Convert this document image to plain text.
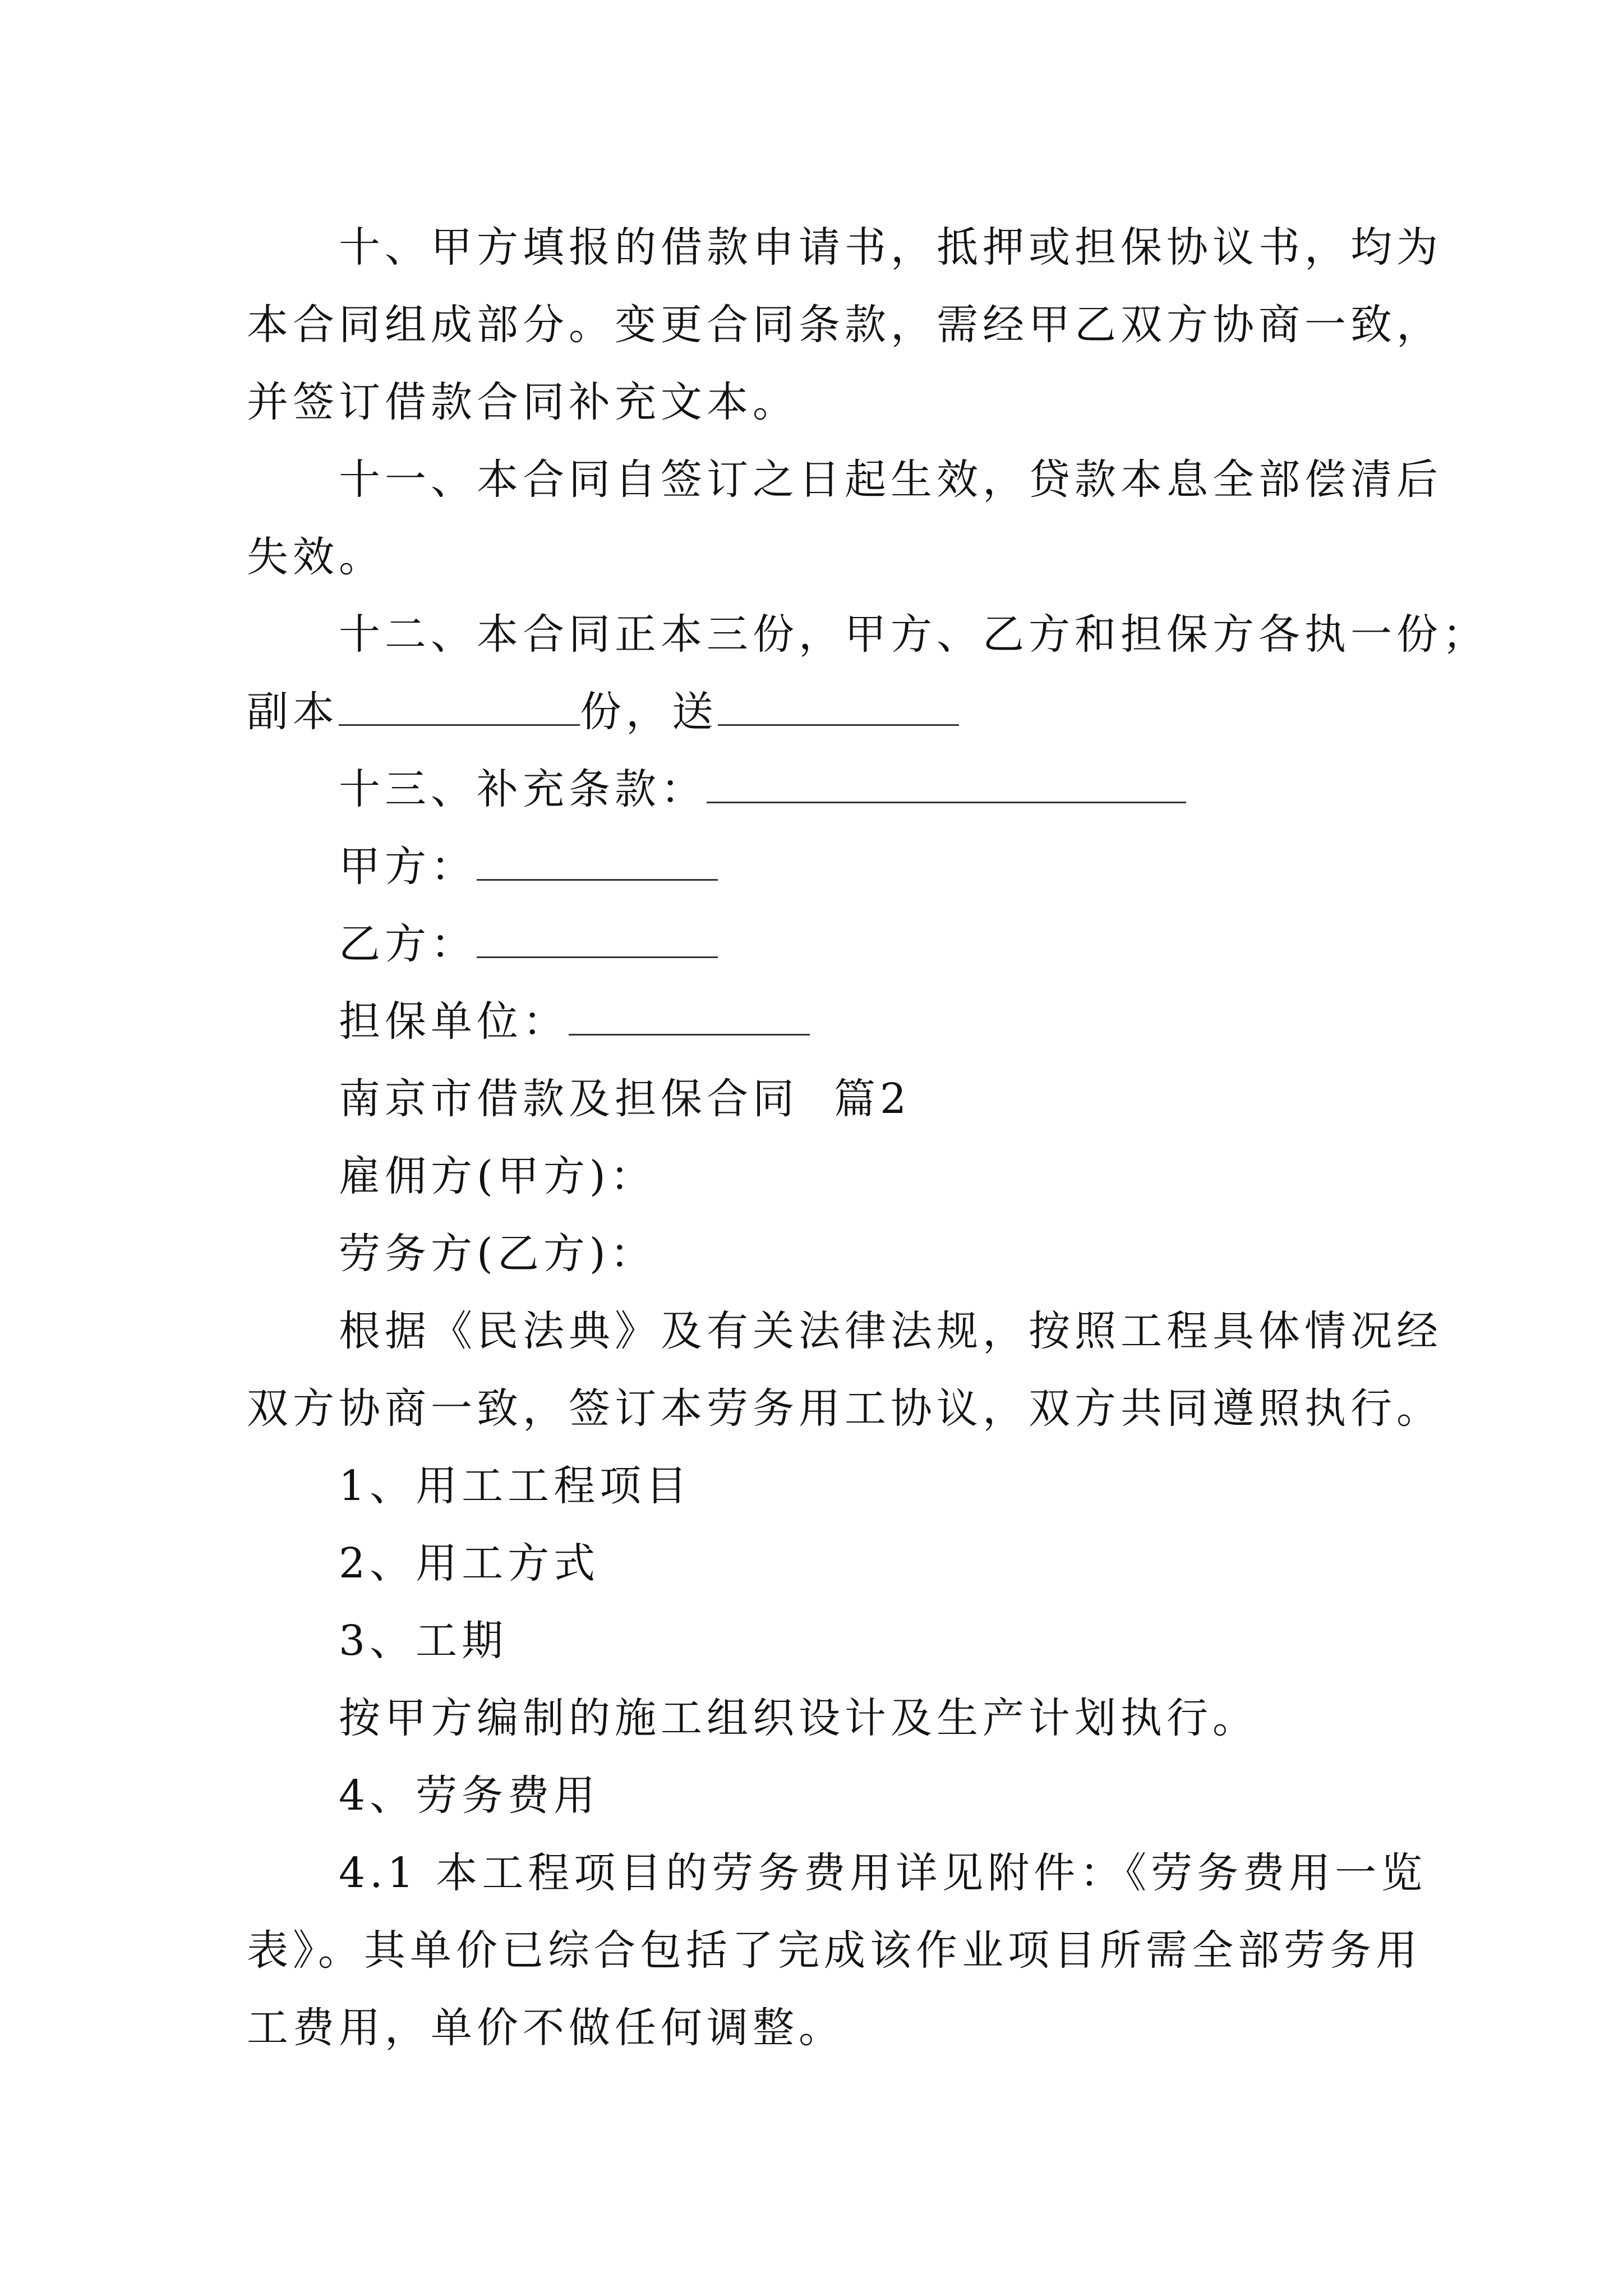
十、甲方填报的借款申请书，抵押或担保协议书，均为

本合同组成部分。变更合同条款，需经甲乙双方协商一致，

并签订借款合同补充文本。

十一、本合同自签订之日起生效，贷款本息全部偿清后

失效。

十二、本合同正本三份，甲方、乙方和担保方各执一份；

副本	份，送

十三、补充条款：

甲方：

乙方：

担保单位：

南京市借款及担保合同  篇2

雇佣方(甲方)：

劳务方(乙方)：

根据《民法典》及有关法律法规，按照工程具体情况经

双方协商一致，签订本劳务用工协议，双方共同遵照执行。

1、用工工程项目

2、用工方式

3、工期

按甲方编制的施工组织设计及生产计划执行。

4、劳务费用

4.1 本工程项目的劳务费用详见附件：《劳务费用一览

表》。其单价已综合包括了完成该作业项目所需全部劳务用

工费用，单价不做任何调整。
